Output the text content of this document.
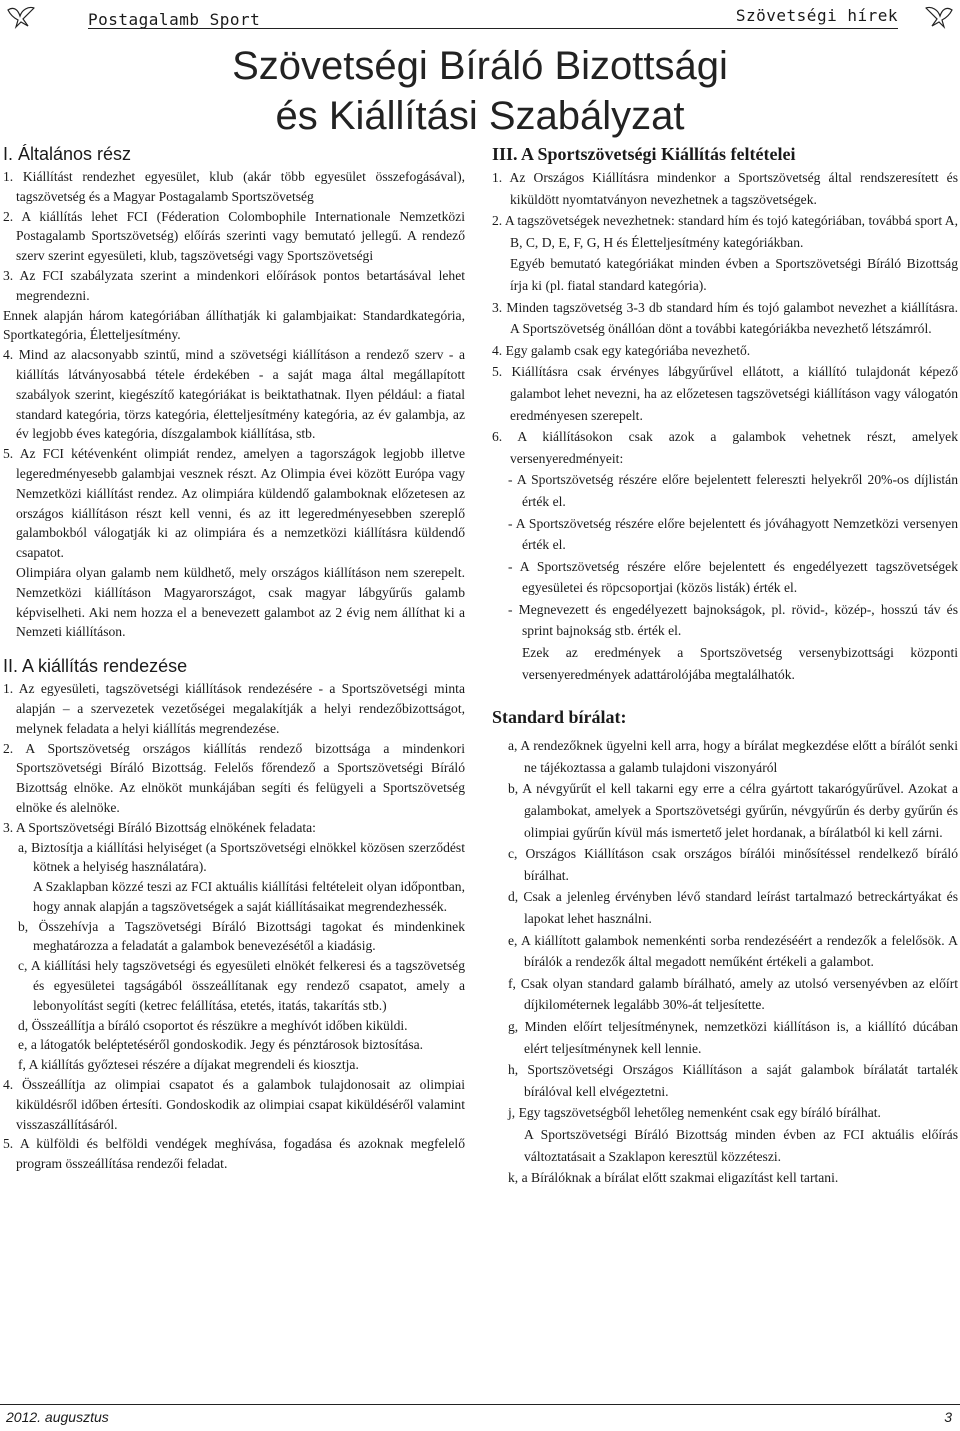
Postagalamb Sport	Szövetségi hírek
Szövetségi Bíráló Bizottsági
és Kiállítási Szabályzat
I. Általános rész

1. Kiállítást rendezhet egyesület, klub (akár több egyesület összefogásával), tagszövetség és a Magyar Postagalamb Sportszövetség

2. A kiállítás lehet FCI (Féderation Colombophile Internationale Nemzetközi Postagalamb Sportszövetség) előírás szerinti vagy bemutató jellegű. A rendező szerv szerint egyesületi, klub, tagszövetségi vagy Sportszövetségi

3. Az FCI szabályzata szerint a mindenkori előírások pontos betartásával lehet megrendezni.

Ennek alapján három kategóriában állíthatják ki galambjaikat: Standardkategória, Sportkategória, Életteljesítmény.

4. Mind az alacsonyabb szintű, mind a szövetségi kiállításon a rendező szerv - a kiállítás látványosabbá tétele érdekében - a saját maga által megállapított szabályok szerint, kiegészítő kategóriákat is beiktathatnak. Ilyen például: a fiatal standard kategória, törzs kategória, életteljesítmény kategória, az év galambja, az év legjobb éves kategória, díszgalambok kiállítása, stb.

5. Az FCI kétévenként olimpiát rendez, amelyen a tagországok legjobb illetve legeredményesebb galambjai vesznek részt. Az Olimpia évei között Európa vagy Nemzetközi kiállítást rendez. Az olimpiára küldendő galamboknak előzetesen az országos kiállításon részt kell venni, és az itt legeredményesebben szereplő galambokból válogatják ki az olimpiára és a nemzetközi kiállításra küldendő csapatot.

Olimpiára olyan galamb nem küldhető, mely országos kiállításon nem szerepelt. Nemzetközi kiállításon Magyarországot, csak magyar lábgyűrűs galamb képviselheti. Aki nem hozza el a benevezett galambot az 2 évig nem állíthat ki a Nemzeti kiállításon.

II. A kiállítás rendezése

1. Az egyesületi, tagszövetségi kiállítások rendezésére - a Sportszövetségi minta alapján – a szervezetek vezetőségei megalakítják a helyi rendezőbizottságot, melynek feladata a helyi kiállítás megrendezése.

2. A Sportszövetség országos kiállítás rendező bizottsága a mindenkori Sportszövetségi Bíráló Bizottság. Felelős főrendező a Sportszövetségi Bíráló Bizottság elnöke. Az elnököt munkájában segíti és felügyeli a Sportszövetség elnöke és alelnöke.

3. A Sportszövetségi Bíráló Bizottság elnökének feladata:

a, Biztosítja a kiállítási helyiséget (a Sportszövetségi elnökkel közösen szerződést kötnek a helyiség használatára).

A Szaklapban közzé teszi az FCI aktuális kiállítási feltételeit olyan időpontban, hogy annak alapján a tagszövetségek a saját kiállításaikat megrendezhessék.

b, Összehívja a Tagszövetségi Bíráló Bizottsági tagokat és mindenkinek meghatározza a feladatát a galambok benevezésétől a kiadásig.

c, A kiállítási hely tagszövetségi és egyesületi elnökét felkeresi és a tagszövetség és egyesületei tagságából összeállítanak egy rendező csapatot, amely a lebonyolítást segíti (ketrec felállítása, etetés, itatás, takarítás stb.)

d, Összeállítja a bíráló csoportot és részükre a meghívót időben kiküldi.

e, a látogatók beléptetéséről gondoskodik. Jegy és pénztárosok biztosítása.

f, A kiállítás győztesei részére a díjakat megrendeli és kiosztja.

4. Összeállítja az olimpiai csapatot és a galambok tulajdonosait az olimpiai kiküldésről időben értesíti. Gondoskodik az olimpiai csapat kiküldéséről valamint visszaszállításáról.

5. A külföldi és belföldi vendégek meghívása, fogadása és azoknak megfelelő program összeállítása rendezői feladat.

III. A Sportszövetségi Kiállítás feltételei

1. Az Országos Kiállításra mindenkor a Sportszövetség által rendszeresített és kiküldött nyomtatványon nevezhetnek a tagszövetségek.

2. A tagszövetségek nevezhetnek: standard hím és tojó kategóriában, továbbá sport A, B, C, D, E, F, G, H és Életteljesítmény kategóriákban.

Egyéb bemutató kategóriákat minden évben a Sportszövetségi Bíráló Bizottság írja ki (pl. fiatal standard kategória).

3. Minden tagszövetség 3-3 db standard hím és tojó galambot nevezhet a kiállításra. A Sportszövetség önállóan dönt a további kategóriákba nevezhető létszámról.

4. Egy galamb csak egy kategóriába nevezhető.

5. Kiállításra csak érvényes lábgyűrűvel ellátott, a kiállító tulajdonát képező galambot lehet nevezni, ha az előzetesen tagszövetségi kiállításon vagy válogatón eredményesen szerepelt.

6. A kiállításokon csak azok a galambok vehetnek részt, amelyek versenyeredményeit:

- A Sportszövetség részére előre bejelentett felereszti helyekről 20%-os díjlistán érték el.

- A Sportszövetség részére előre bejelentett és jóváhagyott Nemzetközi versenyen érték el.

- A Sportszövetség részére előre bejelentett és engedélyezett tagszövetségek egyesületei és röpcsoportjai (közös listák) érték el.

- Megnevezett és engedélyezett bajnokságok, pl. rövid-, közép-, hosszú táv és sprint bajnokság stb. érték el.

Ezek az eredmények a Sportszövetség versenybizottsági központi versenyeredmények adattárolójába megtalálhatók.

Standard bírálat:

a, A rendezőknek ügyelni kell arra, hogy a bírálat megkezdése előtt a bírálót senki ne tájékoztassa a galamb tulajdoni viszonyáról

b, A névgyűrűt el kell takarni egy erre a célra gyártott takarógyűrűvel. Azokat a galambokat, amelyek a Sportszövetségi gyűrűn, névgyűrűn és derby gyűrűn és olimpiai gyűrűn kívül más ismertető jelet hordanak, a bírálatból ki kell zárni.

c, Országos Kiállításon csak országos bírálói minősítéssel rendelkező bíráló bírálhat.

d, Csak a jelenleg érvényben lévő standard leírást tartalmazó betreckártyákat és lapokat lehet használni.

e, A kiállított galambok nemenkénti sorba rendezéséért a rendezők a felelősök. A bírálók a rendezők által megadott neműként értékeli a galambot.

f, Csak olyan standard galamb bírálható, amely az utolsó versenyévben az előírt díjkilométernek legalább 30%-át teljesítette.

g, Minden előírt teljesítménynek, nemzetközi kiállításon is, a kiállító dúcában elért teljesítménynek kell lennie.

h, Sportszövetségi Országos Kiállításon a saját galambok bírálatát tartalék bírálóval kell elvégeztetni.

j, Egy tagszövetségből lehetőleg nemenként csak egy bíráló bírálhat.

A Sportszövetségi Bíráló Bizottság minden évben az FCI aktuális előírás változtatásait a Szaklapon keresztül közzéteszi.

k, a Bírálóknak a bírálat előtt szakmai eligazítást kell tartani.

2012. augusztus	3
